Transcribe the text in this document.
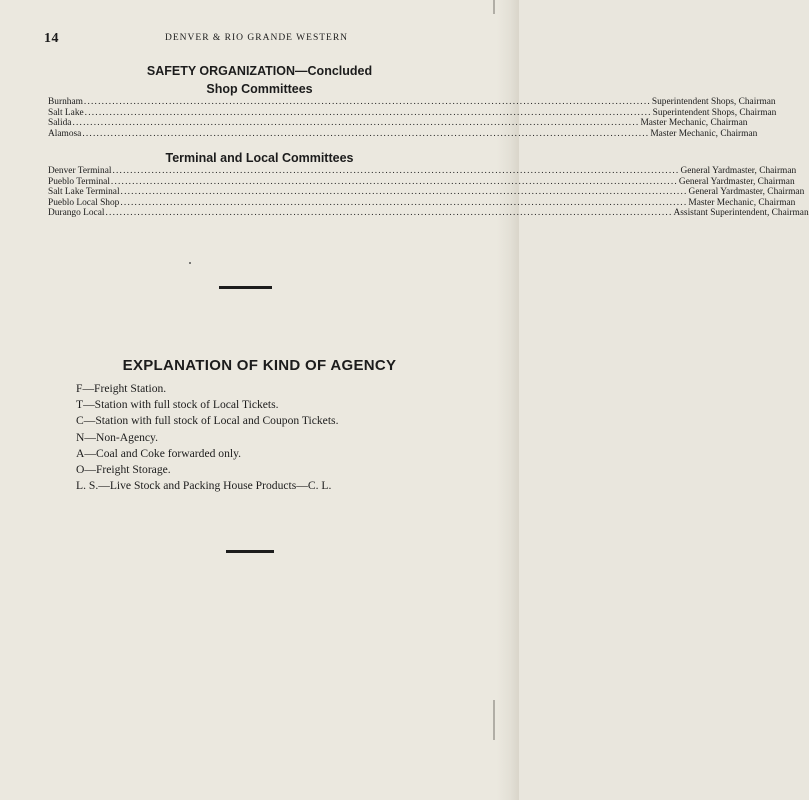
14	DENVER & RIO GRANDE WESTERN
SAFETY ORGANIZATION—Concluded
Shop Committees
Burnham ................................................................................................................................................................ Superintendent Shops, Chairman
Salt Lake ................................................................................................................................................................ Superintendent Shops, Chairman
Salida ................................................................................................................................................................ Master Mechanic, Chairman
Alamosa ................................................................................................................................................................ Master Mechanic, Chairman
Terminal and Local Committees
Denver Terminal ................................................................................................................................................................ General Yardmaster, Chairman
Pueblo Terminal ................................................................................................................................................................ General Yardmaster, Chairman
Salt Lake Terminal ................................................................................................................................................................ General Yardmaster, Chairman
Pueblo Local Shop ................................................................................................................................................................ Master Mechanic, Chairman
Durango Local ................................................................................................................................................................ Assistant Superintendent, Chairman
EXPLANATION OF KIND OF AGENCY
F—Freight Station.
T—Station with full stock of Local Tickets.
C—Station with full stock of Local and Coupon Tickets.
N—Non-Agency.
A—Coal and Coke forwarded only.
O—Freight Storage.
L. S.—Live Stock and Packing House Products—C. L.
